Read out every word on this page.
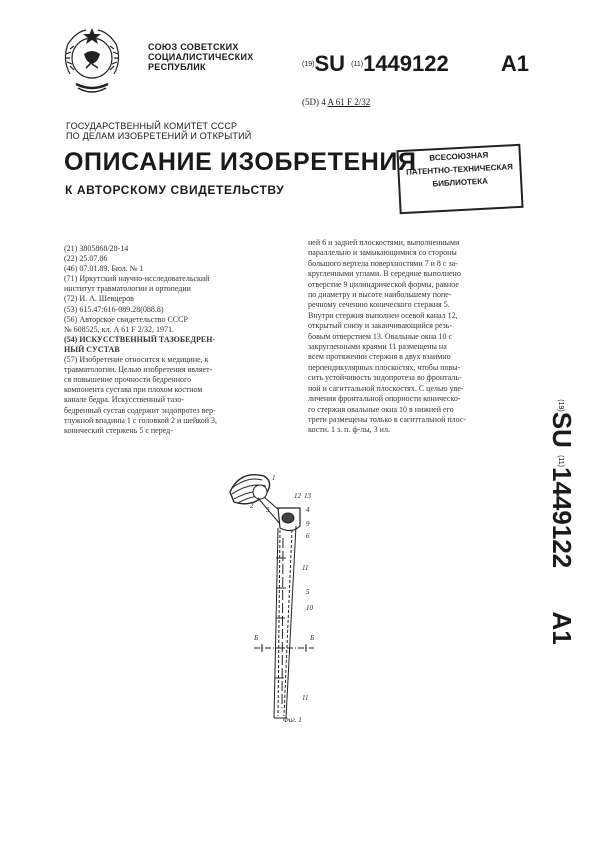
СОЮЗ СОВЕТСКИХ
СОЦИАЛИСТИЧЕСКИХ
РЕСПУБЛИК	(19)SU (11)1449122 A1
(5D) 4 A 61 F 2/32
ГОСУДАРСТВЕННЫЙ КОМИТЕТ СССР
ПО ДЕЛАМ ИЗОБРЕТЕНИЙ И ОТКРЫТИЙ
ОПИСАНИЕ ИЗОБРЕТЕНИЯ
К АВТОРСКОМУ СВИДЕТЕЛЬСТВУ
ВСЕСОЮЗНАЯ
ПАТЕНТНО-ТЕХНИЧЕСКАЯ
БИБЛИОТЕКА
(21) 3805868/28-14
(22) 25.07.86
(46) 07.01.89. Бюл. № 1
(71) Иркутский научно-исследовательский
институт травматологии и ортопедии
(72) И. А. Шевцеров
(53) 615.47:616-089.28(088.8)
(56) Авторское свидетельство СССР
№ 608525, кл. А 61 F 2/32, 1971.
(54) ИСКУССТВЕННЫЙ ТАЗОБЕДРЕН-
НЫЙ СУСТАВ
(57) Изобретение относится к медицине, к
травматологии. Целью изобретения являет-
ся повышение прочности бедренного
компонента сустава при плохом костном
канале бедра. Искусственный тазо-
бедренный сустав содержит эндопротез вер-
тлужной впадины 1 с головкой 2 и шейкой 3,
конический стержень 5 с перед-
ней 6 и задней плоскостями, выполненными
параллельно и замыкающимися со стороны
большого вертела поверхностями 7 и 8 с за-
кругленными углами. В середине выполнено
отверстие 9 цилиндрической формы, равное
по диаметру и высоте наибольшему попе-
речному сечению конического стержня 5.
Внутри стержня выполнен осевой канал 12,
открытый снизу и заканчивающийся резь-
бовым отверстием 13. Овальные окна 10 с
закругленными краями 11 размещены на
всем протяжении стержня в двух взаимно
перпендикулярных плоскостях, чтобы повы-
сить устойчивость эндопротеза во фронталь-
ной и сагиттальной плоскостях. С целью уве-
личения фронтальной опорности коническо-
го стержня овальные окна 10 в нижней его
трети размещены только в сагиттальной плос-
кости. 1 з. п. ф-лы, 3 ил.
(19)SU (11)1449122 A1
1
2 3
12 13
4
9
6
5
10
11
Б	Б
11
Фиг. 1
